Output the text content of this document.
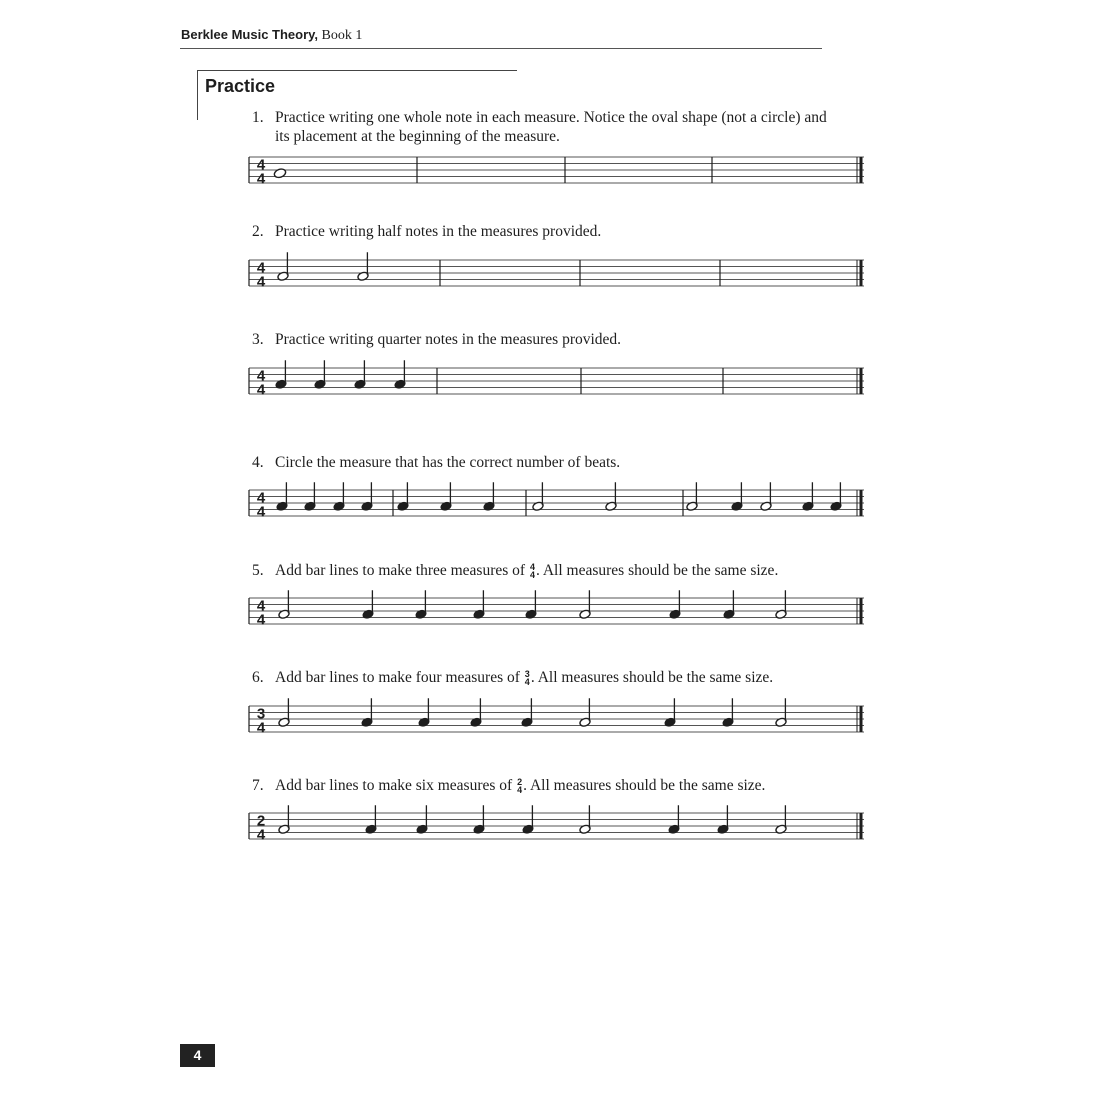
Berklee Music Theory, Book 1
Practice
1. Practice writing one whole note in each measure. Notice the oval shape (not a circle) and its placement at the beginning of the measure.
2. Practice writing half notes in the measures provided.
3. Practice writing quarter notes in the measures provided.
4. Circle the measure that has the correct number of beats.
5. Add bar lines to make three measures of 4
4 . All measures should be the same size.
6. Add bar lines to make four measures of 3
4 . All measures should be the same size.
7. Add bar lines to make six measures of 2
4 . All measures should be the same size.
4
4
4
4
4
4
4
4
4
4
3
4
2
4
4
